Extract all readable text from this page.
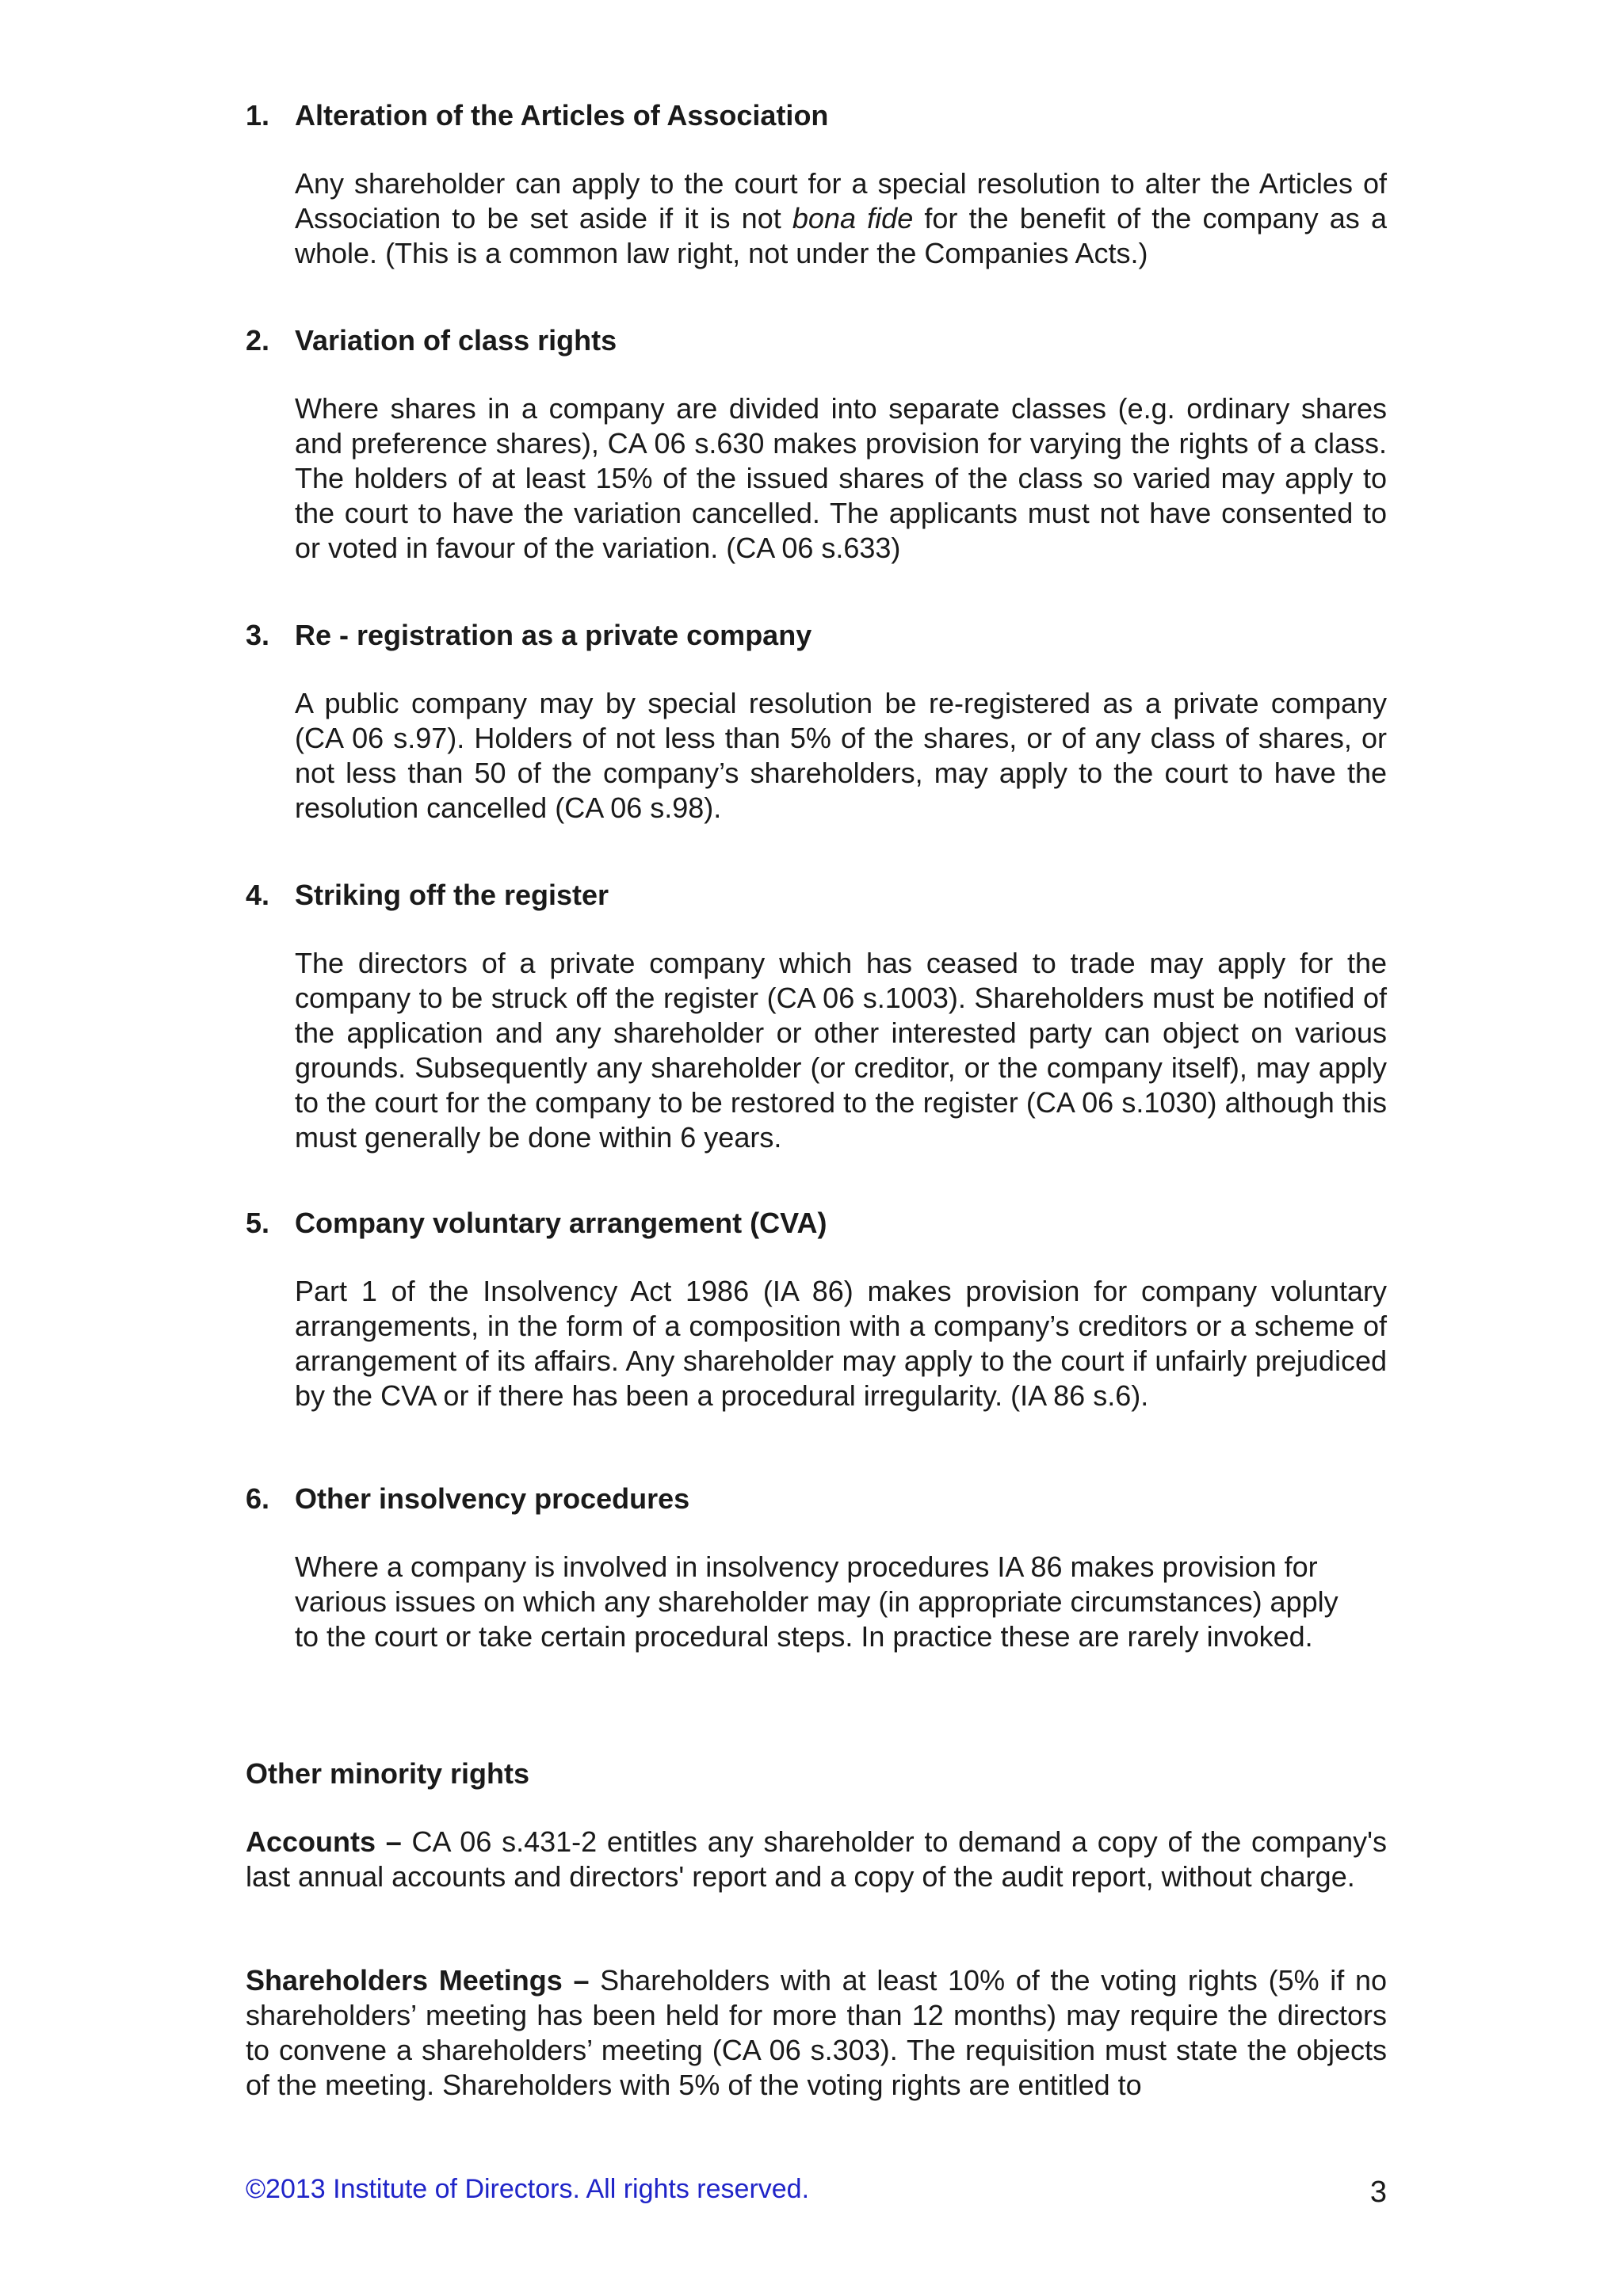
1. Alteration of the Articles of Association
Any shareholder can apply to the court for a special resolution to alter the Articles of Association to be set aside if it is not bona fide for the benefit of the company as a whole. (This is a common law right, not under the Companies Acts.)
2. Variation of class rights
Where shares in a company are divided into separate classes (e.g. ordinary shares and preference shares), CA 06 s.630 makes provision for varying the rights of a class. The holders of at least 15% of the issued shares of the class so varied may apply to the court to have the variation cancelled. The applicants must not have consented to or voted in favour of the variation. (CA 06 s.633)
3. Re - registration as a private company
A public company may by special resolution be re-registered as a private company (CA 06 s.97). Holders of not less than 5% of the shares, or of any class of shares, or not less than 50 of the company’s shareholders, may apply to the court to have the resolution cancelled (CA 06 s.98).
4. Striking off the register
The directors of a private company which has ceased to trade may apply for the company to be struck off the register (CA 06 s.1003). Shareholders must be notified of the application and any shareholder or other interested party can object on various grounds. Subsequently any shareholder (or creditor, or the company itself), may apply to the court for the company to be restored to the register (CA 06 s.1030) although this must generally be done within 6 years.
5. Company voluntary arrangement (CVA)
Part 1 of the Insolvency Act 1986 (IA 86) makes provision for company voluntary arrangements, in the form of a composition with a company’s creditors or a scheme of arrangement of its affairs. Any shareholder may apply to the court if unfairly prejudiced by the CVA or if there has been a procedural irregularity. (IA 86 s.6).
6. Other insolvency procedures
Where a company is involved in insolvency procedures IA 86 makes provision for various issues on which any shareholder may (in appropriate circumstances) apply to the court or take certain procedural steps. In practice these are rarely invoked.
Other minority rights
Accounts – CA 06 s.431-2 entitles any shareholder to demand a copy of the company's last annual accounts and directors' report and a copy of the audit report, without charge.
Shareholders Meetings – Shareholders with at least 10% of the voting rights (5% if no shareholders’ meeting has been held for more than 12 months) may require the directors to convene a shareholders’ meeting (CA 06 s.303). The requisition must state the objects of the meeting. Shareholders with 5% of the voting rights are entitled to
©2013 Institute of Directors. All rights reserved.	3
